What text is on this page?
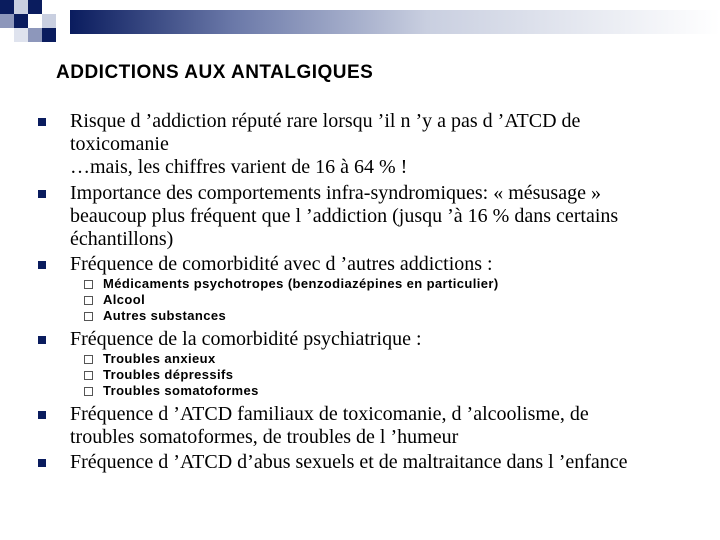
ADDICTIONS AUX ANTALGIQUES
Risque d ’addiction réputé rare lorsqu ’il n ’y a pas d ’ATCD de
toxicomanie
…mais, les chiffres varient de 16 à 64 % !
Importance des comportements infra-syndromiques: « mésusage »
beaucoup plus fréquent que l ’addiction (jusqu ’à 16 % dans certains
échantillons)
Fréquence de comorbidité avec d ’autres addictions :
Médicaments psychotropes (benzodiazépines en particulier)
Alcool
Autres substances
Fréquence de la comorbidité psychiatrique :
Troubles anxieux
Troubles dépressifs
Troubles somatoformes
Fréquence d ’ATCD familiaux de toxicomanie, d ’alcoolisme, de
troubles somatoformes, de troubles de l ’humeur
Fréquence d ’ATCD d’abus sexuels et de maltraitance dans l ’enfance
